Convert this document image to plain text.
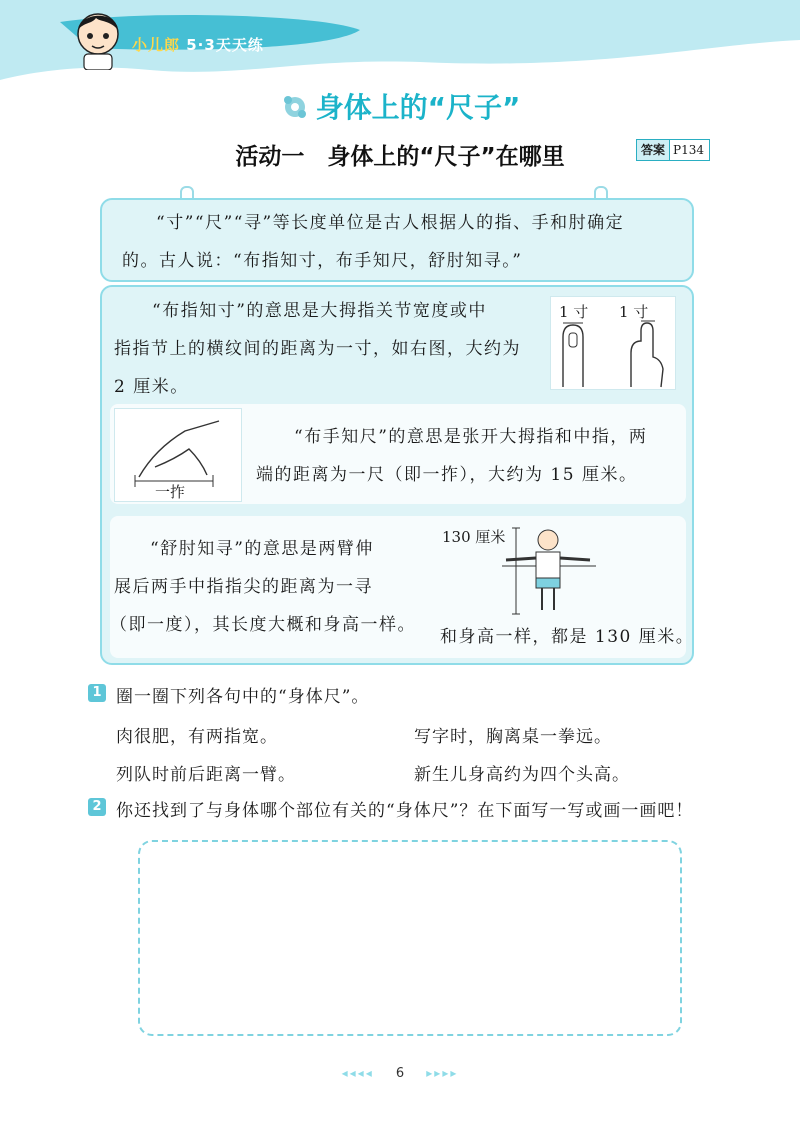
小儿郎 5·3天天练
身体上的“尺子”
活动一　身体上的“尺子”在哪里	答案 P134

“寸”“尺”“寻”等长度单位是古人根据人的指、手和肘确定

的。古人说：“布指知寸，布手知尺，舒肘知寻。”

“布指知寸”的意思是大拇指关节宽度或中
指指节上的横纹间的距离为一寸，如右图，大约为
2 厘米。
1 寸 1 寸
一拃
“布手知尺”的意思是张开大拇指和中指，两
端的距离为一尺（即一拃），大约为 15 厘米。
“舒肘知寻”的意思是两臂伸
展后两手中指指尖的距离为一寻
（即一度），其长度大概和身高一样。
130 厘米
和身高一样，都是 130 厘米。
1 圈一圈下列各句中的“身体尺”。
肉很肥，有两指宽。	写字时，胸离桌一拳远。
列队时前后距离一臂。	新生儿身高约为四个头高。
2 你还找到了与身体哪个部位有关的“身体尺”？在下面写一写或画一画吧！
◂◂◂◂ 6 ▸▸▸▸
